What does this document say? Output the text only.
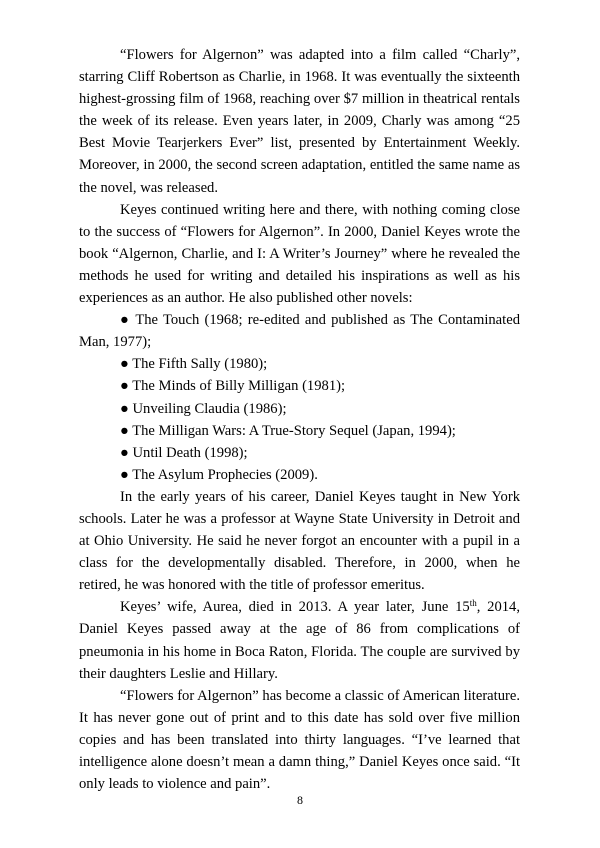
“Flowers for Algernon” was adapted into a film called “Charly”, starring Cliff Robertson as Charlie, in 1968. It was eventually the sixteenth highest-grossing film of 1968, reaching over $7 million in theatrical rentals the week of its release. Even years later, in 2009, Charly was among “25 Best Movie Tearjerkers Ever” list, presented by Entertainment Weekly. Moreover, in 2000, the second screen adaptation, entitled the same name as the novel, was released.

Keyes continued writing here and there, with nothing coming close to the success of “Flowers for Algernon”. In 2000, Daniel Keyes wrote the book “Algernon, Charlie, and I: A Writer’s Journey” where he revealed the methods he used for writing and detailed his inspirations as well as his experiences as an author. He also published other novels:

● The Touch (1968; re-edited and published as The Contaminated Man, 1977);
● The Fifth Sally (1980);
● The Minds of Billy Milligan (1981);
● Unveiling Claudia (1986);
● The Milligan Wars: A True-Story Sequel (Japan, 1994);
● Until Death (1998);
● The Asylum Prophecies (2009).

In the early years of his career, Daniel Keyes taught in New York schools. Later he was a professor at Wayne State University in Detroit and at Ohio University. He said he never forgot an encounter with a pupil in a class for the developmentally disabled. Therefore, in 2000, when he retired, he was honored with the title of professor emeritus.

Keyes’ wife, Aurea, died in 2013. A year later, June 15th, 2014, Daniel Keyes passed away at the age of 86 from complications of pneumonia in his home in Boca Raton, Florida. The couple are survived by their daughters Leslie and Hillary.

“Flowers for Algernon” has become a classic of American literature. It has never gone out of print and to this date has sold over five million copies and has been translated into thirty languages. “I’ve learned that intelligence alone doesn’t mean a damn thing,” Daniel Keyes once said. “It only leads to violence and pain”.

8
